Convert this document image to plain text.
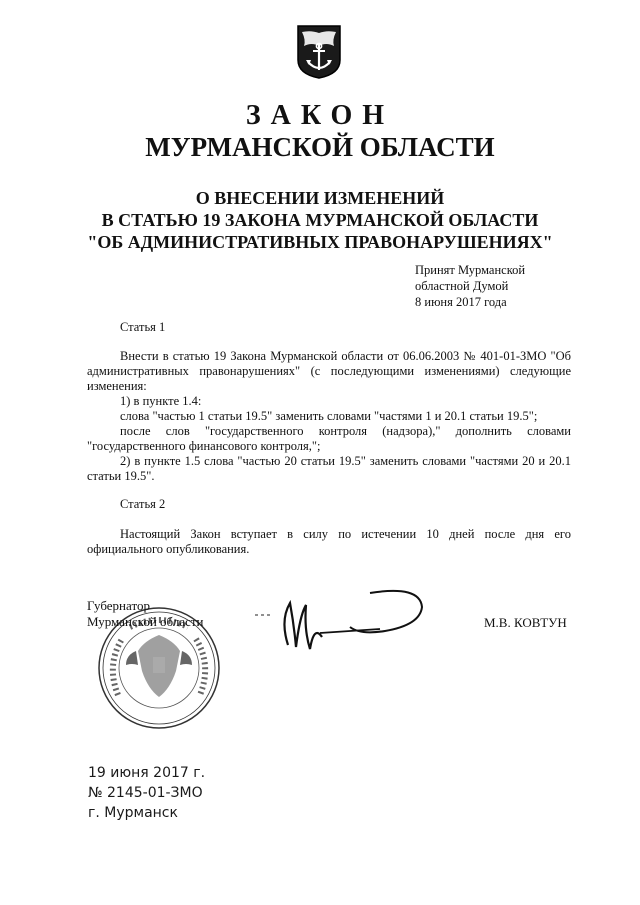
ЗАКОН
МУРМАНСКОЙ ОБЛАСТИ
О ВНЕСЕНИИ ИЗМЕНЕНИЙ
В СТАТЬЮ 19 ЗАКОНА МУРМАНСКОЙ ОБЛАСТИ
"ОБ АДМИНИСТРАТИВНЫХ ПРАВОНАРУШЕНИЯХ"
Принят Мурманской
областной Думой
8 июня 2017 года
Статья 1
Внести в статью 19 Закона Мурманской области от 06.06.2003 № 401-01-ЗМО "Об административных правонарушениях" (с последующими изменениями) следующие изменения:
1) в пункте 1.4:
слова "частью 1 статьи 19.5" заменить словами "частями 1 и 20.1 статьи 19.5";
после слов "государственного контроля (надзора)," дополнить словами "государственного финансового контроля,";
2) в пункте 1.5 слова "частью 20 статьи 19.5" заменить словами "частями 20 и 20.1 статьи 19.5".
Статья 2
Настоящий Закон вступает в силу по истечении 10 дней после дня его официального опубликования.
Губернатор
Мурманской области	М.В. КОВТУН
19 июня 2017 г.
№ 2145-01-ЗМО
г. Мурманск
